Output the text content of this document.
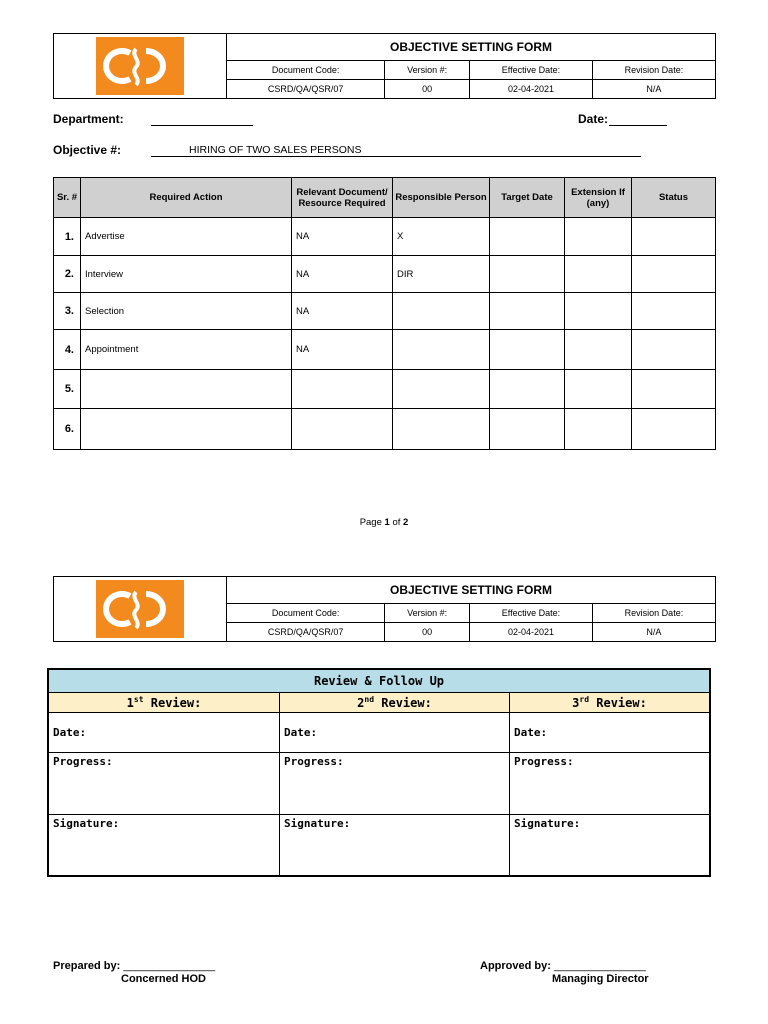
	OBJECTIVE SETTING FORM			
	Document Code:	Version #:	Effective Date:	Revision Date:
	CSRD/QA/QSR/07	00	02-04-2021	N/A
Department:	Date:
Objective #:	HIRING OF TWO SALES PERSONS
Sr. #	Required Action	Relevant Document/ Resource Required	Responsible Person	Target Date	Extension If (any)	Status
1.	Advertise	NA	X			
2.	Interview	NA	DIR			
3.	Selection	NA				
4.	Appointment	NA				
5.						
6.						
Page 1 of 2
	OBJECTIVE SETTING FORM			
	Document Code:	Version #:	Effective Date:	Revision Date:
	CSRD/QA/QSR/07	00	02-04-2021	N/A
Review & Follow Up		
1st Review:	2nd Review:	3rd Review:
Date:	Date:	Date:
Progress:	Progress:	Progress:
Signature:	Signature:	Signature:
Prepared by: _______________
Concerned HOD
Approved by: _______________
Managing Director
